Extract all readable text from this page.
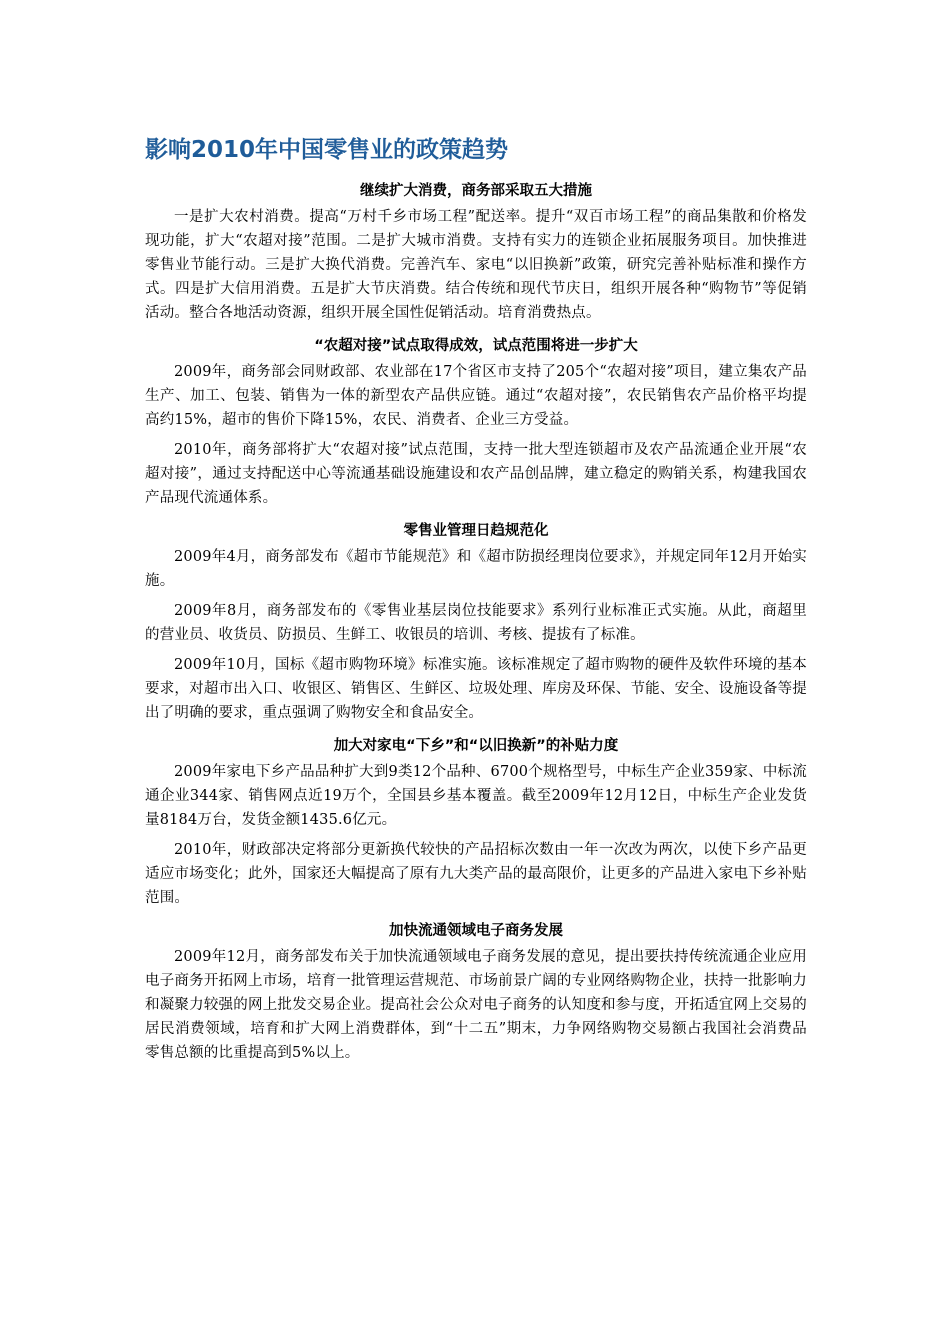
影响2010年中国零售业的政策趋势
继续扩大消费，商务部采取五大措施

一是扩大农村消费。提高“万村千乡市场工程”配送率。提升“双百市场工程”的商品集散和价格发现功能，扩大“农超对接”范围。二是扩大城市消费。支持有实力的连锁企业拓展服务项目。加快推进零售业节能行动。三是扩大换代消费。完善汽车、家电“以旧换新”政策，研究完善补贴标准和操作方式。四是扩大信用消费。五是扩大节庆消费。结合传统和现代节庆日，组织开展各种“购物节”等促销活动。整合各地活动资源，组织开展全国性促销活动。培育消费热点。

“农超对接”试点取得成效，试点范围将进一步扩大

2009年，商务部会同财政部、农业部在17个省区市支持了205个“农超对接”项目，建立集农产品生产、加工、包装、销售为一体的新型农产品供应链。通过“农超对接”，农民销售农产品价格平均提高约15%，超市的售价下降15%，农民、消费者、企业三方受益。

2010年，商务部将扩大“农超对接”试点范围，支持一批大型连锁超市及农产品流通企业开展“农超对接”，通过支持配送中心等流通基础设施建设和农产品创品牌，建立稳定的购销关系，构建我国农产品现代流通体系。

零售业管理日趋规范化

2009年4月，商务部发布《超市节能规范》和《超市防损经理岗位要求》，并规定同年12月开始实施。

2009年8月，商务部发布的《零售业基层岗位技能要求》系列行业标准正式实施。从此，商超里的营业员、收货员、防损员、生鲜工、收银员的培训、考核、提拔有了标准。

2009年10月，国标《超市购物环境》标准实施。该标准规定了超市购物的硬件及软件环境的基本要求，对超市出入口、收银区、销售区、生鲜区、垃圾处理、库房及环保、节能、安全、设施设备等提出了明确的要求，重点强调了购物安全和食品安全。

加大对家电“下乡”和“以旧换新”的补贴力度

2009年家电下乡产品品种扩大到9类12个品种、6700个规格型号，中标生产企业359家、中标流通企业344家、销售网点近19万个，全国县乡基本覆盖。截至2009年12月12日，中标生产企业发货量8184万台，发货金额1435.6亿元。

2010年，财政部决定将部分更新换代较快的产品招标次数由一年一次改为两次，以使下乡产品更适应市场变化；此外，国家还大幅提高了原有九大类产品的最高限价，让更多的产品进入家电下乡补贴范围。

加快流通领域电子商务发展

2009年12月，商务部发布关于加快流通领域电子商务发展的意见，提出要扶持传统流通企业应用电子商务开拓网上市场，培育一批管理运营规范、市场前景广阔的专业网络购物企业，扶持一批影响力和凝聚力较强的网上批发交易企业。提高社会公众对电子商务的认知度和参与度，开拓适宜网上交易的居民消费领域，培育和扩大网上消费群体，到“十二五”期末，力争网络购物交易额占我国社会消费品零售总额的比重提高到5%以上。
